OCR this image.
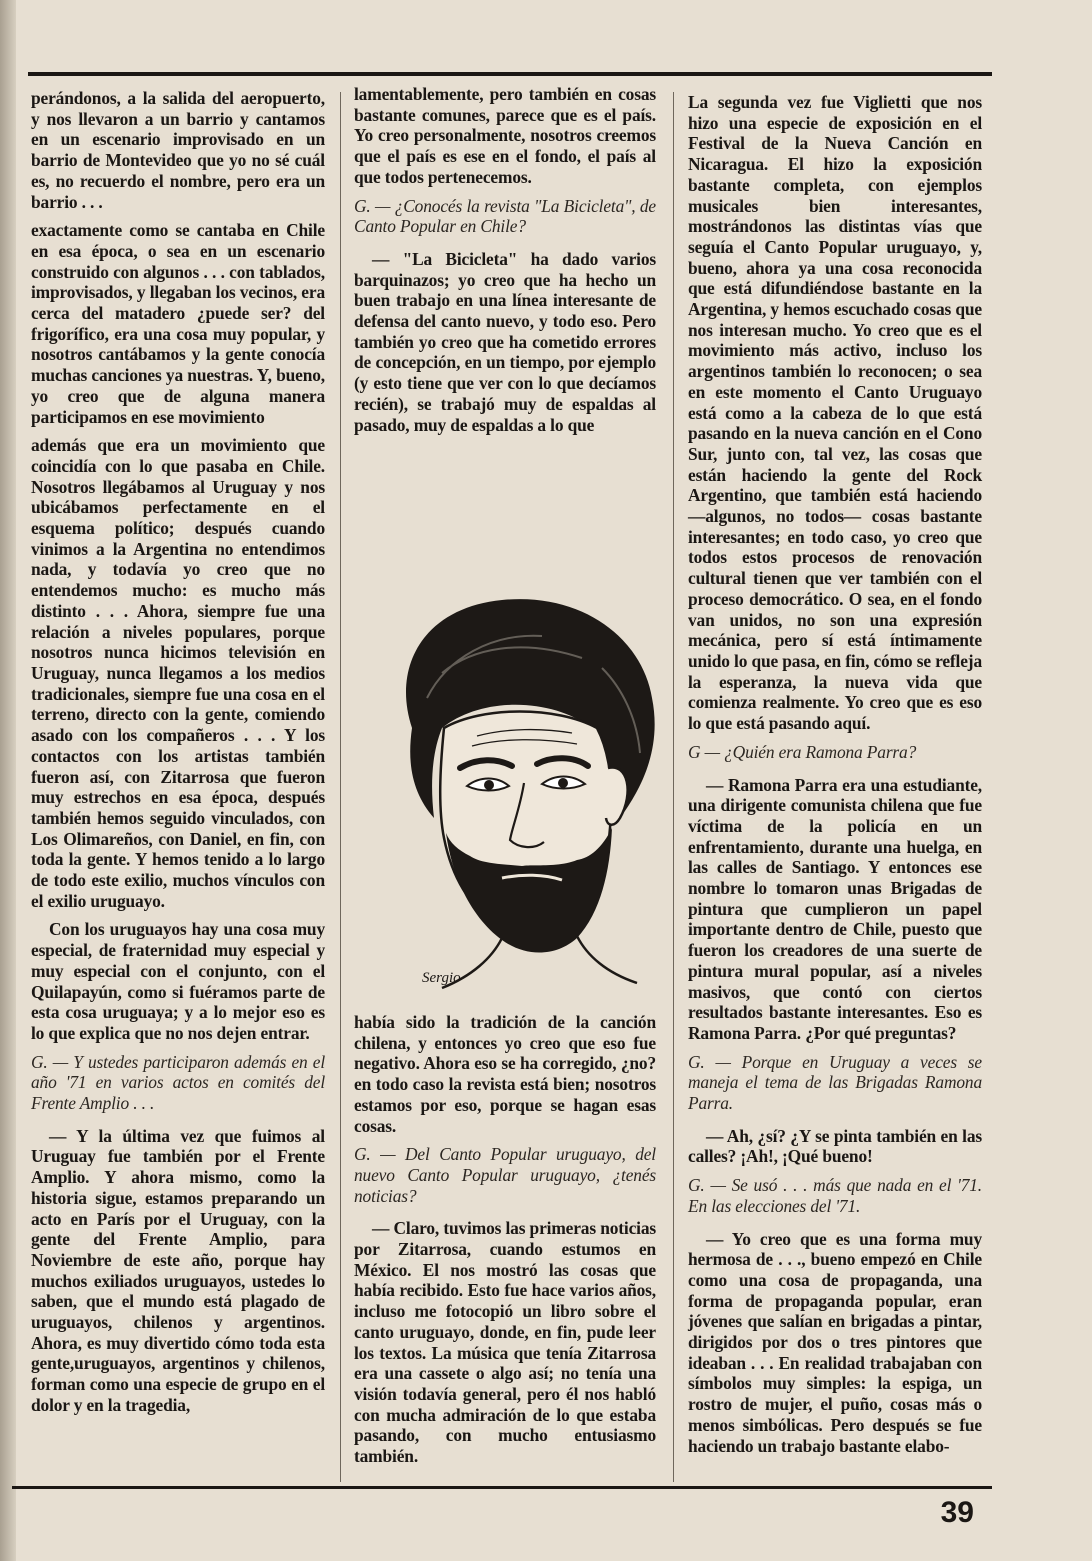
perándonos, a la salida del aeropuerto, y nos llevaron a un barrio y cantamos en un escenario improvisado en un barrio de Montevideo que yo no sé cuál es, no recuerdo el nombre, pero era un barrio . . .

exactamente como se cantaba en Chile en esa época, o sea en un escenario construido con algunos . . . con tablados, improvisados, y llegaban los vecinos, era cerca del matadero ¿puede ser? del frigorífico, era una cosa muy popular, y nosotros cantábamos y la gente conocía muchas canciones ya nuestras. Y, bueno, yo creo que de alguna manera participamos en ese movimiento

además que era un movimiento que coincidía con lo que pasaba en Chile. Nosotros llegábamos al Uruguay y nos ubicábamos perfectamente en el esquema político; después cuando vinimos a la Argentina no entendimos nada, y todavía yo creo que no entendemos mucho: es mucho más distinto . . . Ahora, siempre fue una relación a niveles populares, porque nosotros nunca hicimos televisión en Uruguay, nunca llegamos a los medios tradicionales, siempre fue una cosa en el terreno, directo con la gente, comiendo asado con los compañeros . . . Y los contactos con los artistas también fueron así, con Zitarrosa que fueron muy estrechos en esa época, después también hemos seguido vinculados, con Los Olimareños, con Daniel, en fin, con toda la gente. Y hemos tenido a lo largo de todo este exilio, muchos vínculos con el exilio uruguayo.

Con los uruguayos hay una cosa muy especial, de fraternidad muy especial y muy especial con el conjunto, con el Quilapayún, como si fuéramos parte de esta cosa uruguaya; y a lo mejor eso es lo que explica que no nos dejen entrar.

G. — Y ustedes participaron además en el año '71 en varios actos en comités del Frente Amplio . . .

— Y la última vez que fuimos al Uruguay fue también por el Frente Amplio. Y ahora mismo, como la historia sigue, estamos preparando un acto en París por el Uruguay, con la gente del Frente Amplio, para Noviembre de este año, porque hay muchos exiliados uruguayos, ustedes lo saben, que el mundo está plagado de uruguayos, chilenos y argentinos. Ahora, es muy divertido cómo toda esta gente,uruguayos, argentinos y chilenos, forman como una especie de grupo en el dolor y en la tragedia,

lamentablemente, pero también en cosas bastante comunes, parece que es el país. Yo creo personalmente, nosotros creemos que el país es ese en el fondo, el país al que todos pertenecemos.

G. — ¿Conocés la revista "La Bicicleta", de Canto Popular en Chile?

— "La Bicicleta" ha dado varios barquinazos; yo creo que ha hecho un buen trabajo en una línea interesante de defensa del canto nuevo, y todo eso. Pero también yo creo que ha cometido errores de concepción, en un tiempo, por ejemplo (y esto tiene que ver con lo que decíamos recién), se trabajó muy de espaldas al pasado, muy de espaldas a lo que

Sergio

había sido la tradición de la canción chilena, y entonces yo creo que eso fue negativo. Ahora eso se ha corregido, ¿no? en todo caso la revista está bien; nosotros estamos por eso, porque se hagan esas cosas.

G. — Del Canto Popular uruguayo, del nuevo Canto Popular uruguayo, ¿tenés noticias?

— Claro, tuvimos las primeras noticias por Zitarrosa, cuando estumos en México. El nos mostró las cosas que había recibido. Esto fue hace varios años, incluso me fotocopió un libro sobre el canto uruguayo, donde, en fin, pude leer los textos. La música que tenía Zitarrosa era una cassete o algo así; no tenía una visión todavía general, pero él nos habló con mucha admiración de lo que estaba pasando, con mucho entusiasmo también.

La segunda vez fue Viglietti que nos hizo una especie de exposición en el Festival de la Nueva Canción en Nicaragua. El hizo la exposición bastante completa, con ejemplos musicales bien interesantes, mostrándonos las distintas vías que seguía el Canto Popular uruguayo, y, bueno, ahora ya una cosa reconocida que está difundiéndose bastante en la Argentina, y hemos escuchado cosas que nos interesan mucho. Yo creo que es el movimiento más activo, incluso los argentinos también lo reconocen; o sea en este momento el Canto Uruguayo está como a la cabeza de lo que está pasando en la nueva canción en el Cono Sur, junto con, tal vez, las cosas que están haciendo la gente del Rock Argentino, que también está haciendo —algunos, no todos— cosas bastante interesantes; en todo caso, yo creo que todos estos procesos de renovación cultural tienen que ver también con el proceso democrático. O sea, en el fondo van unidos, no son una expresión mecánica, pero sí está íntimamente unido lo que pasa, en fin, cómo se refleja la esperanza, la nueva vida que comienza realmente. Yo creo que es eso lo que está pasando aquí.

G — ¿Quién era Ramona Parra?

— Ramona Parra era una estudiante, una dirigente comunista chilena que fue víctima de la policía en un enfrentamiento, durante una huelga, en las calles de Santiago. Y entonces ese nombre lo tomaron unas Brigadas de pintura que cumplieron un papel importante dentro de Chile, puesto que fueron los creadores de una suerte de pintura mural popular, así a niveles masivos, que contó con ciertos resultados bastante interesantes. Eso es Ramona Parra. ¿Por qué preguntas?

G. — Porque en Uruguay a veces se maneja el tema de las Brigadas Ramona Parra.

— Ah, ¿sí? ¿Y se pinta también en las calles? ¡Ah!, ¡Qué bueno!

G. — Se usó . . . más que nada en el '71. En las elecciones del '71.

— Yo creo que es una forma muy hermosa de . . ., bueno empezó en Chile como una cosa de propaganda, una forma de propaganda popular, eran jóvenes que salían en brigadas a pintar, dirigidos por dos o tres pintores que ideaban . . . En realidad trabajaban con símbolos muy simples: la espiga, un rostro de mujer, el puño, cosas más o menos simbólicas. Pero después se fue haciendo un trabajo bastante elabo-

39
